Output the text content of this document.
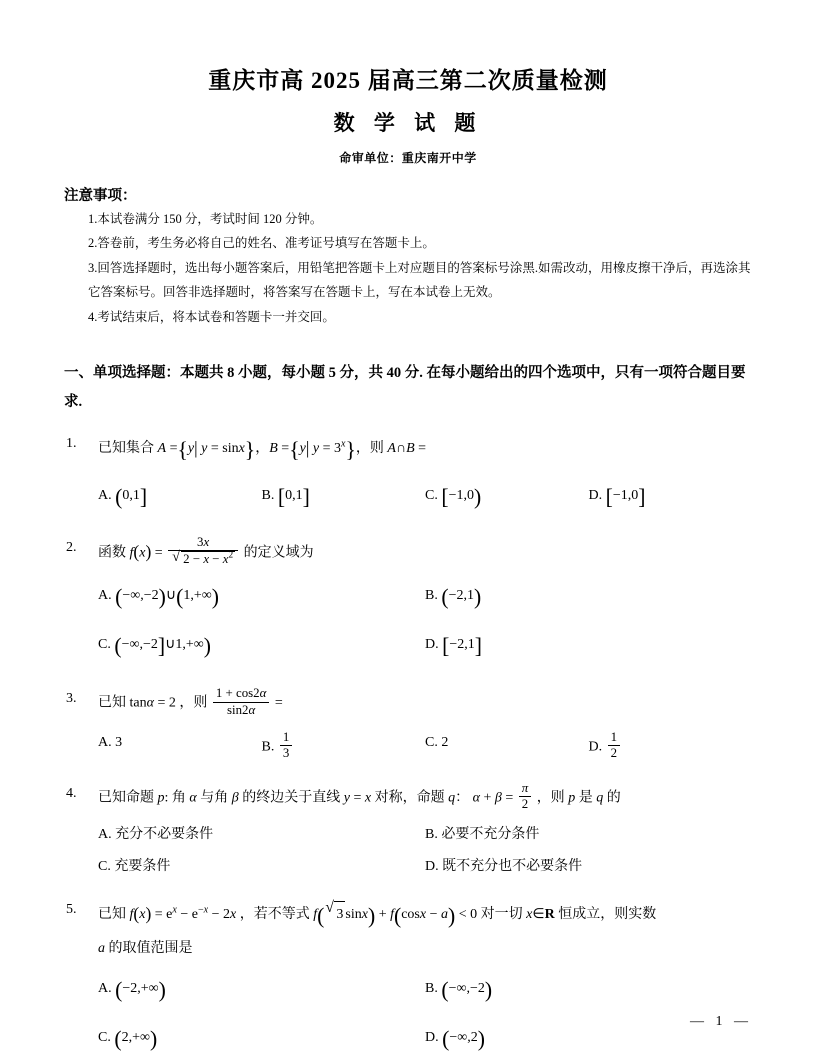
重庆市高 2025 届高三第二次质量检测
数 学 试 题
命审单位：重庆南开中学
注意事项：
1.本试卷满分 150 分，考试时间 120 分钟。
2.答卷前，考生务必将自己的姓名、准考证号填写在答题卡上。
3.回答选择题时，选出每小题答案后，用铅笔把答题卡上对应题目的答案标号涂黑.如需改动，用橡皮擦干净后，再选涂其它答案标号。回答非选择题时，将答案写在答题卡上，写在本试卷上无效。
4.考试结束后，将本试卷和答题卡一并交回。
一、单项选择题：本题共 8 小题，每小题 5 分，共 40 分. 在每小题给出的四个选项中，只有一项符合题目要求.
1.	已知集合 A ={y| y = sinx}，B ={y| $y = 3^x$}，则 A∩B =
A. (0,1]	B. [0,1]	C. [−1,0)	D. [−1,0]
2.	函数 $f(x) = \frac{3x}{√ 2 - x - x^2}$ 的定义域为
A. (−∞,−2)∪(1,+∞)	B. (−2,1)
C. (−∞,−2]∪1,+∞)	D. [−2,1]
3.	已知 tanα = 2 ，则 $\frac{1 + \cos 2\alpha}{\sin 2\alpha}$ =
A. 3	B. $\frac{1}{3}$	C. 2	D. $\frac{1}{2}$
4.	已知命题 p: 角 α 与角 β 的终边关于直线 y = x 对称，命题 q： $\alpha + \beta = \frac{\pi}{2}$ ，则 p 是 q 的
A. 充分不必要条件	B. 必要不充分条件
C. 充要条件	D. 既不充分也不必要条件
5.	已知 $f(x) = e^x - e^{-x} - 2x$ ，若不等式 f( √ 3 sinx) + f(cosx − a) < 0 对一切 x∈R 恒成立，则实数
a 的取值范围是
A. (−2,+∞)	B. (−∞,−2)
C. (2,+∞)	D. (−∞,2)
— 1 —
